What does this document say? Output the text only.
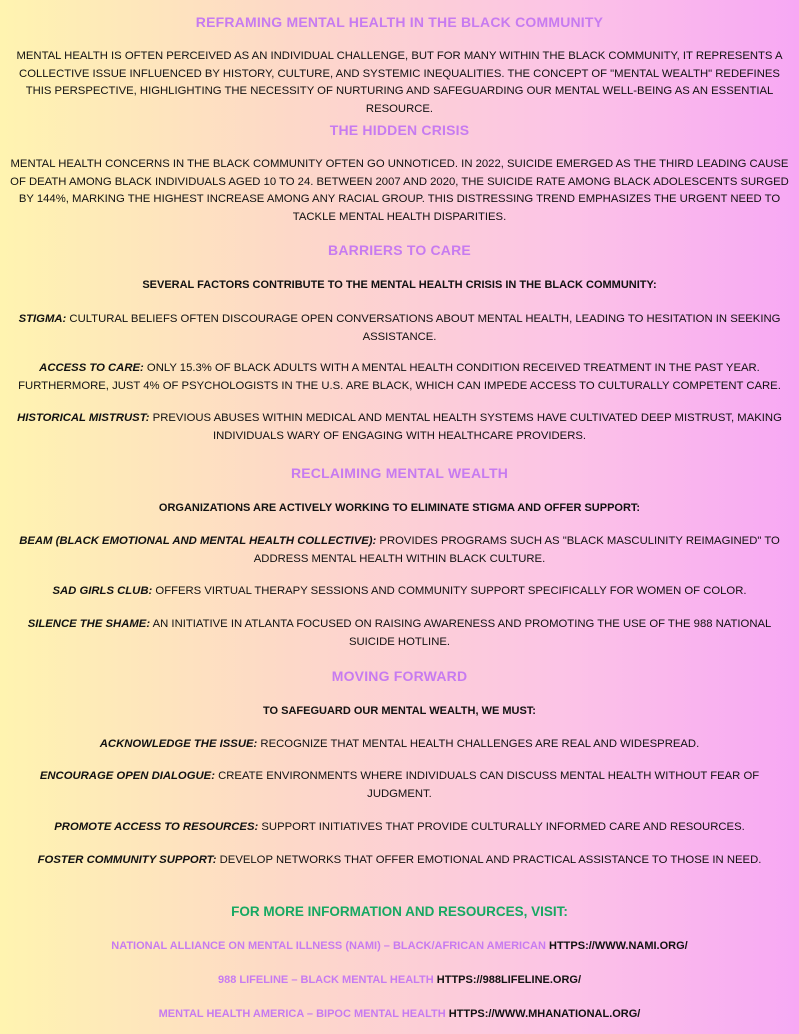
REFRAMING MENTAL HEALTH IN THE BLACK COMMUNITY

MENTAL HEALTH IS OFTEN PERCEIVED AS AN INDIVIDUAL CHALLENGE, BUT FOR MANY WITHIN THE BLACK COMMUNITY, IT REPRESENTS A COLLECTIVE ISSUE INFLUENCED BY HISTORY, CULTURE, AND SYSTEMIC INEQUALITIES. THE CONCEPT OF "MENTAL WEALTH" REDEFINES THIS PERSPECTIVE, HIGHLIGHTING THE NECESSITY OF NURTURING AND SAFEGUARDING OUR MENTAL WELL-BEING AS AN ESSENTIAL RESOURCE.

THE HIDDEN CRISIS

MENTAL HEALTH CONCERNS IN THE BLACK COMMUNITY OFTEN GO UNNOTICED. IN 2022, SUICIDE EMERGED AS THE THIRD LEADING CAUSE OF DEATH AMONG BLACK INDIVIDUALS AGED 10 TO 24. BETWEEN 2007 AND 2020, THE SUICIDE RATE AMONG BLACK ADOLESCENTS SURGED BY 144%, MARKING THE HIGHEST INCREASE AMONG ANY RACIAL GROUP. THIS DISTRESSING TREND EMPHASIZES THE URGENT NEED TO TACKLE MENTAL HEALTH DISPARITIES.

BARRIERS TO CARE

SEVERAL FACTORS CONTRIBUTE TO THE MENTAL HEALTH CRISIS IN THE BLACK COMMUNITY:

STIGMA: CULTURAL BELIEFS OFTEN DISCOURAGE OPEN CONVERSATIONS ABOUT MENTAL HEALTH, LEADING TO HESITATION IN SEEKING ASSISTANCE.

ACCESS TO CARE: ONLY 15.3% OF BLACK ADULTS WITH A MENTAL HEALTH CONDITION RECEIVED TREATMENT IN THE PAST YEAR. FURTHERMORE, JUST 4% OF PSYCHOLOGISTS IN THE U.S. ARE BLACK, WHICH CAN IMPEDE ACCESS TO CULTURALLY COMPETENT CARE.

HISTORICAL MISTRUST: PREVIOUS ABUSES WITHIN MEDICAL AND MENTAL HEALTH SYSTEMS HAVE CULTIVATED DEEP MISTRUST, MAKING INDIVIDUALS WARY OF ENGAGING WITH HEALTHCARE PROVIDERS.

RECLAIMING MENTAL WEALTH

ORGANIZATIONS ARE ACTIVELY WORKING TO ELIMINATE STIGMA AND OFFER SUPPORT:

BEAM (BLACK EMOTIONAL AND MENTAL HEALTH COLLECTIVE): PROVIDES PROGRAMS SUCH AS "BLACK MASCULINITY REIMAGINED" TO ADDRESS MENTAL HEALTH WITHIN BLACK CULTURE.

SAD GIRLS CLUB: OFFERS VIRTUAL THERAPY SESSIONS AND COMMUNITY SUPPORT SPECIFICALLY FOR WOMEN OF COLOR.

SILENCE THE SHAME: AN INITIATIVE IN ATLANTA FOCUSED ON RAISING AWARENESS AND PROMOTING THE USE OF THE 988 NATIONAL SUICIDE HOTLINE.

MOVING FORWARD

TO SAFEGUARD OUR MENTAL WEALTH, WE MUST:

ACKNOWLEDGE THE ISSUE: RECOGNIZE THAT MENTAL HEALTH CHALLENGES ARE REAL AND WIDESPREAD.

ENCOURAGE OPEN DIALOGUE: CREATE ENVIRONMENTS WHERE INDIVIDUALS CAN DISCUSS MENTAL HEALTH WITHOUT FEAR OF JUDGMENT.

PROMOTE ACCESS TO RESOURCES: SUPPORT INITIATIVES THAT PROVIDE CULTURALLY INFORMED CARE AND RESOURCES.

FOSTER COMMUNITY SUPPORT: DEVELOP NETWORKS THAT OFFER EMOTIONAL AND PRACTICAL ASSISTANCE TO THOSE IN NEED.

FOR MORE INFORMATION AND RESOURCES, VISIT:

NATIONAL ALLIANCE ON MENTAL ILLNESS (NAMI) – BLACK/AFRICAN AMERICAN HTTPS://WWW.NAMI.ORG/

988 LIFELINE – BLACK MENTAL HEALTH HTTPS://988LIFELINE.ORG/

MENTAL HEALTH AMERICA – BIPOC MENTAL HEALTH HTTPS://WWW.MHANATIONAL.ORG/
